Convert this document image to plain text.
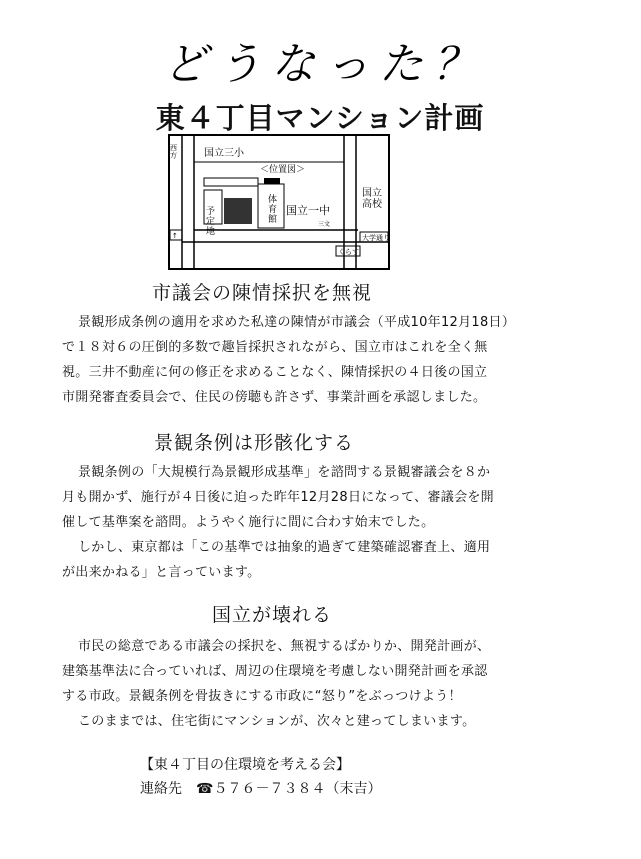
どうなった？
東４丁目マンション計画
国立三小
＜位置図＞
国立一中
国立高校
大学通り
くらす
体育館
予定地
西方
↑
三文
市議会の陳情採択を無視
景観形成条例の適用を求めた私達の陳情が市議会（平成10年12月18日）
で１８対６の圧倒的多数で趣旨採択されながら、国立市はこれを全く無
視。三井不動産に何の修正を求めることなく、陳情採択の４日後の国立
市開発審査委員会で、住民の傍聴も許さず、事業計画を承認しました。
景観条例は形骸化する
景観条例の「大規模行為景観形成基準」を諮問する景観審議会を８か
月も開かず、施行が４日後に迫った昨年12月28日になって、審議会を開
催して基準案を諮問。ようやく施行に間に合わす始末でした。
しかし、東京都は「この基準では抽象的過ぎて建築確認審査上、適用
が出来かねる」と言っています。
国立が壊れる
市民の総意である市議会の採択を、無視するばかりか、開発計画が、
建築基準法に合っていれば、周辺の住環境を考慮しない開発計画を承認
する市政。景観条例を骨抜きにする市政に“怒り”をぶっつけよう！
このままでは、住宅街にマンションが、次々と建ってしまいます。
【東４丁目の住環境を考える会】
連絡先　☎５７６－７３８４（末吉）
